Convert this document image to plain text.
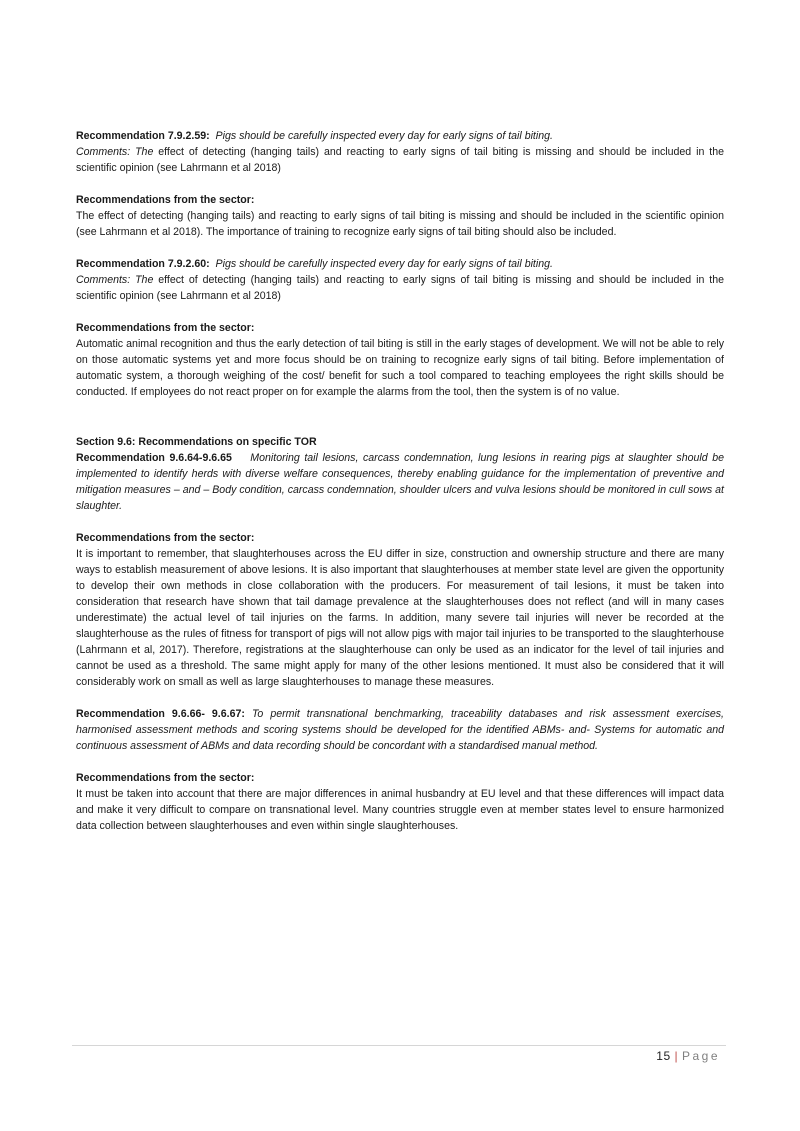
Recommendation 7.9.2.59: Pigs should be carefully inspected every day for early signs of tail biting.

Comments: The effect of detecting (hanging tails) and reacting to early signs of tail biting is missing and should be included in the scientific opinion (see Lahrmann et al 2018)

Recommendations from the sector:

The effect of detecting (hanging tails) and reacting to early signs of tail biting is missing and should be included in the scientific opinion (see Lahrmann et al 2018). The importance of training to recognize early signs of tail biting should also be included.

Recommendation 7.9.2.60: Pigs should be carefully inspected every day for early signs of tail biting.

Comments: The effect of detecting (hanging tails) and reacting to early signs of tail biting is missing and should be included in the scientific opinion (see Lahrmann et al 2018)

Recommendations from the sector:

Automatic animal recognition and thus the early detection of tail biting is still in the early stages of development. We will not be able to rely on those automatic systems yet and more focus should be on training to recognize early signs of tail biting. Before implementation of automatic system, a thorough weighing of the cost/ benefit for such a tool compared to teaching employees the right skills should be conducted. If employees do not react proper on for example the alarms from the tool, then the system is of no value.

Section 9.6: Recommendations on specific TOR

Recommendation 9.6.64-9.6.65 Monitoring tail lesions, carcass condemnation, lung lesions in rearing pigs at slaughter should be implemented to identify herds with diverse welfare consequences, thereby enabling guidance for the implementation of preventive and mitigation measures – and – Body condition, carcass condemnation, shoulder ulcers and vulva lesions should be monitored in cull sows at slaughter.

Recommendations from the sector:

It is important to remember, that slaughterhouses across the EU differ in size, construction and ownership structure and there are many ways to establish measurement of above lesions. It is also important that slaughterhouses at member state level are given the opportunity to develop their own methods in close collaboration with the producers. For measurement of tail lesions, it must be taken into consideration that research have shown that tail damage prevalence at the slaughterhouses does not reflect (and will in many cases underestimate) the actual level of tail injuries on the farms. In addition, many severe tail injuries will never be recorded at the slaughterhouse as the rules of fitness for transport of pigs will not allow pigs with major tail injuries to be transported to the slaughterhouse (Lahrmann et al, 2017). Therefore, registrations at the slaughterhouse can only be used as an indicator for the level of tail injuries and cannot be used as a threshold. The same might apply for many of the other lesions mentioned. It must also be considered that it will considerably work on small as well as large slaughterhouses to manage these measures.

Recommendation 9.6.66- 9.6.67: To permit transnational benchmarking, traceability databases and risk assessment exercises, harmonised assessment methods and scoring systems should be developed for the identified ABMs- and- Systems for automatic and continuous assessment of ABMs and data recording should be concordant with a standardised manual method.

Recommendations from the sector:

It must be taken into account that there are major differences in animal husbandry at EU level and that these differences will impact data and make it very difficult to compare on transnational level. Many countries struggle even at member states level to ensure harmonized data collection between slaughterhouses and even within single slaughterhouses.

15 | Page
